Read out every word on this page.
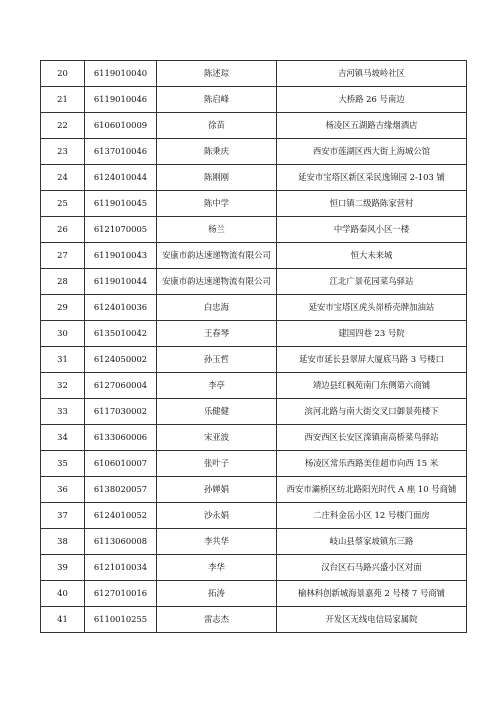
20	6119010040	陈述琮	吉河镇马坡岭社区
21	6119010046	陈启峰	大桥路 26 号南边
22	6106010009	徐苗	杨凌区五湖路吉缘烟酒店
23	6137010046	陈秉庆	西安市莲湖区西大街上海城公馆
24	6124010044	陈刚刚	延安市宝塔区新区采民逸锦园 2-103 铺
25	6119010045	陈中学	恒口镇二级路陈家营村
26	6121070005	杨兰	中学路秦风小区一楼
27	6119010043	安康市韵达速递物流有限公司	恒大未来城
28	6119010044	安康市韵达速递物流有限公司	江北广景花园菜鸟驿站
29	6124010036	白忠海	延安市宝塔区虎头峁桥壳牌加油站
30	6135010042	王春琴	建国四巷 23 号院
31	6124050002	孙玉哲	延安市延长县翠屏大厦底马路 3 号楼口
32	6127060004	李亭	靖边县红枫苑南门东侧第六商铺
33	6117030002	乐健健	滨河北路与南大街交叉口御景苑楼下
34	6133060006	宋亚波	西安西区长安区滦镇南高桥菜鸟驿站
35	6106010007	张叶子	杨凌区常乐西路美佳超市向西 15 米
36	6138020057	孙婵娟	西安市灞桥区纺北路阳光时代 A 座 10 号商铺
37	6124010052	沙永娟	二庄科金岳小区 12 号楼门面房
38	6113060008	李共华	岐山县蔡家坡镇东三路
39	6121010034	李华	汉台区石马路兴盛小区对面
40	6127010016	拓涛	榆林科创新城海景嘉苑 2 号楼 7 号商铺
41	6110010255	雷志杰	开发区无线电信局家属院
